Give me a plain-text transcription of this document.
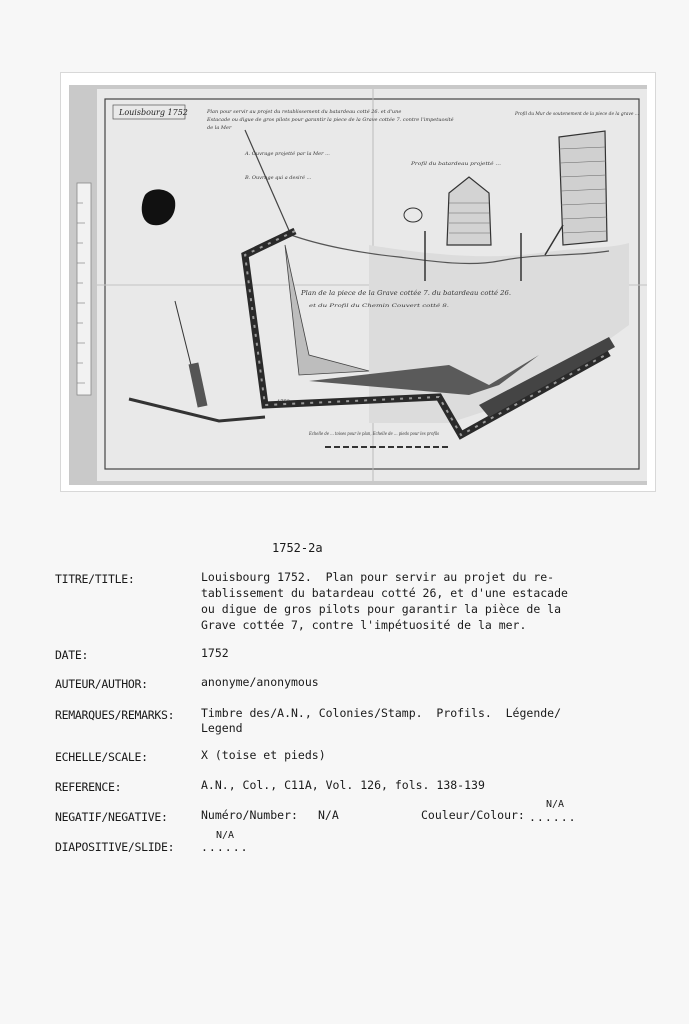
Louisbourg 1752	Plan pour servir au projet du retablissement du batardeau cotté 26. et d'une
Estacade ou digue de gros pilots pour garantir la piece de la Grave cottée 7. contre l'impetuosité
de la Mer
Profil du Mur de soutenement de la piece de la grave ...
A. Ouvrage projetté par la Mer ...
B. Ouvrage qui a desiré ...
Profil du batardeau projetté ...
Plan de la piece de la Grave cottée 7. du batardeau cotté 26.
et du Profil du Chemin Couvert cotté 8.
Echelle de ... toises pour le plan, Echelle de ... pieds pour les profils
1752
1752-2a
TITRE/TITLE:	Louisbourg 1752.  Plan pour servir au projet du re-
tablissement du batardeau cotté 26, et d'une estacade
ou digue de gros pilots pour garantir la pièce de la
Grave cottée 7, contre l'impétuosité de la mer.
DATE:	1752
AUTEUR/AUTHOR:	anonyme/anonymous
REMARQUES/REMARKS: Timbre des/A.N., Colonies/Stamp.  Profils.  Légende/
Legend
ECHELLE/SCALE:	X (toise et pieds)
REFERENCE:	A.N., Col., C11A, Vol. 126, fols. 138-139
NEGATIF/NEGATIVE:	Numéro/Number: N/A	Couleur/Colour:
N/A
......
DIAPOSITIVE/SLIDE:
N/A
......
